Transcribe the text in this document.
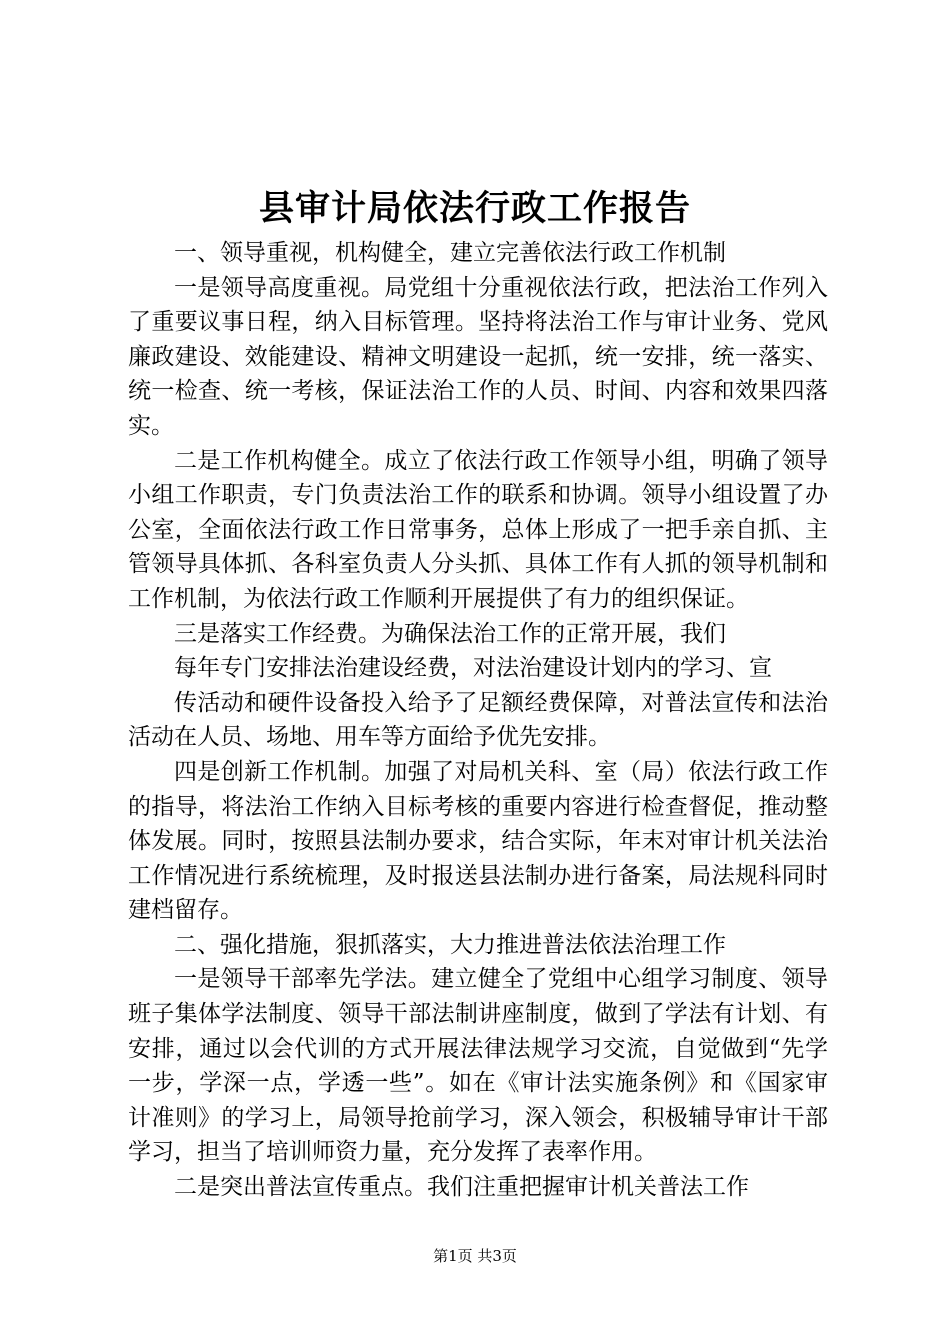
县审计局依法行政工作报告

一、领导重视，机构健全，建立完善依法行政工作机制

一是领导高度重视。局党组十分重视依法行政，把法治工作列入了重要议事日程，纳入目标管理。坚持将法治工作与审计业务、党风廉政建设、效能建设、精神文明建设一起抓，统一安排，统一落实、统一检查、统一考核，保证法治工作的人员、时间、内容和效果四落实。

二是工作机构健全。成立了依法行政工作领导小组，明确了领导小组工作职责，专门负责法治工作的联系和协调。领导小组设置了办公室，全面依法行政工作日常事务，总体上形成了一把手亲自抓、主管领导具体抓、各科室负责人分头抓、具体工作有人抓的领导机制和工作机制，为依法行政工作顺利开展提供了有力的组织保证。

三是落实工作经费。为确保法治工作的正常开展，我们

每年专门安排法治建设经费，对法治建设计划内的学习、宣

传活动和硬件设备投入给予了足额经费保障，对普法宣传和法治活动在人员、场地、用车等方面给予优先安排。

四是创新工作机制。加强了对局机关科、室（局）依法行政工作的指导，将法治工作纳入目标考核的重要内容进行检查督促，推动整体发展。同时，按照县法制办要求，结合实际，年末对审计机关法治工作情况进行系统梳理，及时报送县法制办进行备案，局法规科同时建档留存。

二、强化措施，狠抓落实，大力推进普法依法治理工作

一是领导干部率先学法。建立健全了党组中心组学习制度、领导班子集体学法制度、领导干部法制讲座制度，做到了学法有计划、有安排，通过以会代训的方式开展法律法规学习交流，自觉做到“先学一步，学深一点，学透一些”。如在《审计法实施条例》和《国家审计准则》的学习上，局领导抢前学习，深入领会，积极辅导审计干部学习，担当了培训师资力量，充分发挥了表率作用。

二是突出普法宣传重点。我们注重把握审计机关普法工作

第1页 共3页
